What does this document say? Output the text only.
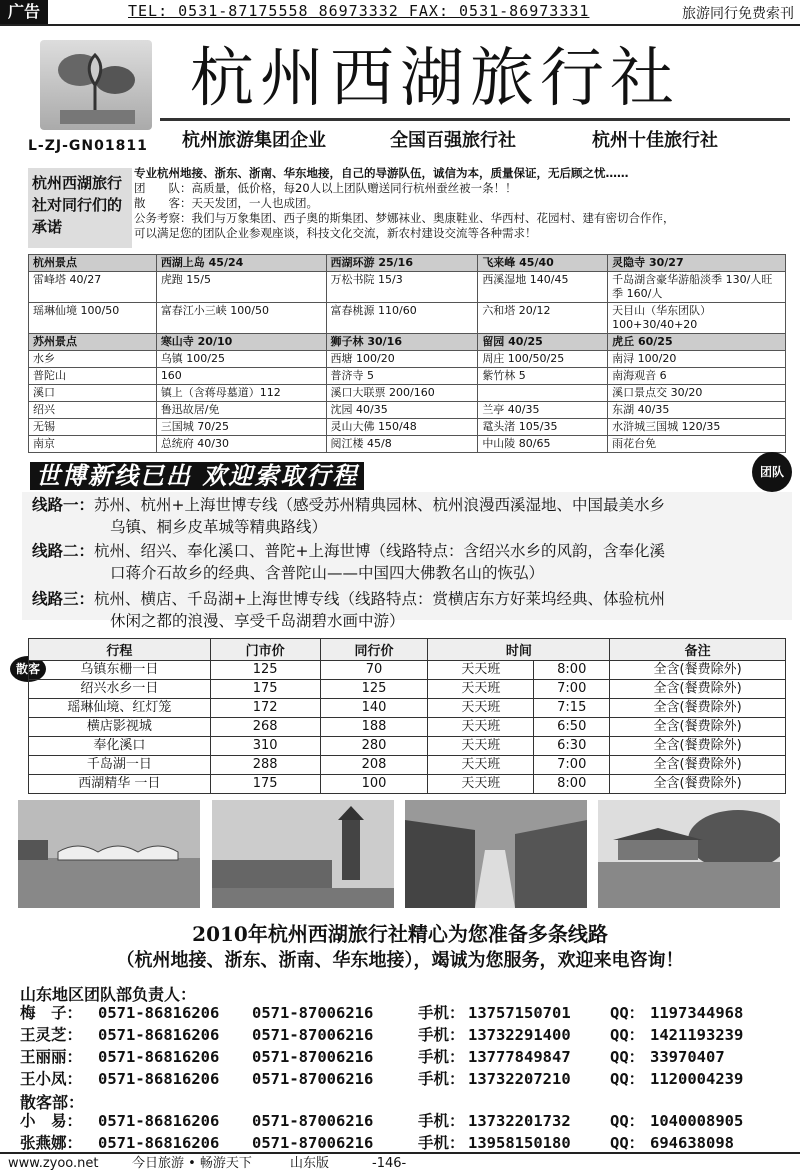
广告	TEL: 0531-87175558 86973332 FAX: 0531-86973331	旅游同行免费索刊
L-ZJ-GN01811
杭州西湖旅行社
杭州旅游集团企业	全国百强旅行社	杭州十佳旅行社
杭州西湖旅行社对同行们的承诺
专业杭州地接、浙东、浙南、华东地接，自己的导游队伍，诚信为本，质量保证，无后顾之忧……
团　　队：高质量，低价格，每20人以上团队赠送同行杭州蚕丝被一条！！
散　　客：天天发团，一人也成团。
公务考察：我们与万象集团、西子奥的斯集团、梦娜袜业、奥康鞋业、华西村、花园村、建有密切合作作，
可以满足您的团队企业参观座谈，科技文化交流，新农村建设交流等各种需求！
杭州景点	西湖上岛 45/24	西湖环游 25/16	飞来峰 45/40	灵隐寺 30/27
雷峰塔 40/27	虎跑 15/5	万松书院 15/3	西溪湿地 140/45	千岛湖含豪华游船淡季 130/人旺季 160/人
瑶琳仙境 100/50	富春江小三峡 100/50	富春桃源 110/60	六和塔 20/12	天目山（华东团队）100+30/40+20
苏州景点	寒山寺 20/10	狮子林 30/16	留园 40/25	虎丘 60/25
水乡	乌镇 100/25	西塘 100/20	周庄 100/50/25	南浔 100/20
普陀山	160	普济寺 5	紫竹林 5	南海观音 6
溪口	镇上（含蒋母墓道）112	溪口大联票 200/160		溪口景点交 30/20
绍兴	鲁迅故居/免	沈园 40/35	兰亭 40/35	东湖 40/35
无锡	三国城 70/25	灵山大佛 150/48	鼋头渚 105/35	水浒城三国城 120/35
南京	总统府 40/30	阅江楼 45/8	中山陵 80/65	雨花台免
世博新线已出 欢迎索取行程	团队
线路一：苏州、杭州+上海世博专线（感受苏州精典园林、杭州浪漫西溪湿地、中国最美水乡
乌镇、桐乡皮革城等精典路线）
线路二：杭州、绍兴、奉化溪口、普陀+上海世博（线路特点：含绍兴水乡的风韵，含奉化溪
口蒋介石故乡的经典、含普陀山——中国四大佛教名山的恢弘）
线路三：杭州、横店、千岛湖+上海世博专线（线路特点：赏横店东方好莱坞经典、体验杭州
休闲之都的浪漫、享受千岛湖碧水画中游）
散客
行程	门市价	同行价	时间		备注
乌镇东栅一日	125	70	天天班	8:00	全含(餐费除外)
绍兴水乡一日	175	125	天天班	7:00	全含(餐费除外)
瑶琳仙境、红灯笼	172	140	天天班	7:15	全含(餐费除外)
横店影视城	268	188	天天班	6:50	全含(餐费除外)
奉化溪口	310	280	天天班	6:30	全含(餐费除外)
千岛湖一日	288	208	天天班	7:00	全含(餐费除外)
西湖精华 一日	175	100	天天班	8:00	全含(餐费除外)
2010年杭州西湖旅行社精心为您准备多条线路
（杭州地接、浙东、浙南、华东地接），竭诚为您服务，欢迎来电咨询！
山东地区团队部负责人：
梅　子： 0571-86816206 0571-87006216	手机： 13757150701	QQ： 1197344968
王灵芝： 0571-86816206 0571-87006216	手机： 13732291400	QQ： 1421193239
王丽丽： 0571-86816206 0571-87006216	手机： 13777849847	QQ： 33970407
王小凤： 0571-86816206 0571-87006216	手机： 13732207210	QQ： 1120004239
散客部：
小　易： 0571-86816206 0571-87006216	手机： 13732201732	QQ： 1040008905
张燕娜： 0571-86816206 0571-87006216	手机： 13958150180	QQ： 694638098
www.zyoo.net	今日旅游 • 畅游天下	山东版	-146-
